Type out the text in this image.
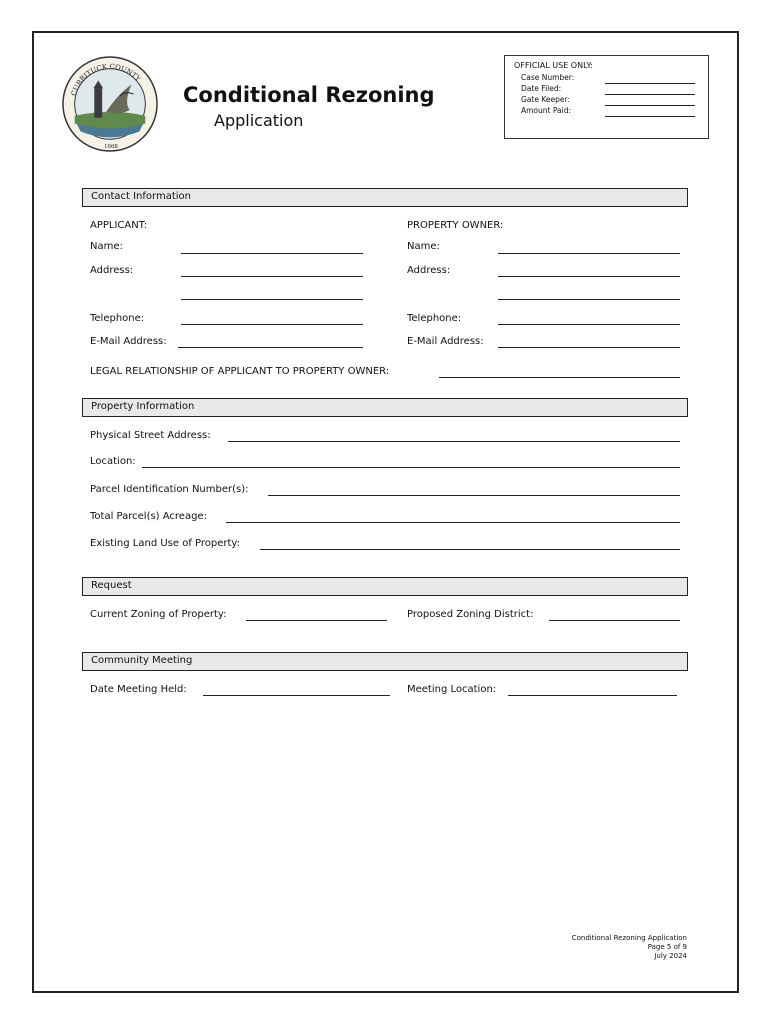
CURRITUCK COUNTY
1668
Conditional Rezoning
Application
OFFICIAL USE ONLY:
Case Number:
Date Filed:
Gate Keeper:
Amount Paid:
Contact Information
APPLICANT:	PROPERTY OWNER:
Name:	Name:
Address:	Address:
Telephone:	Telephone:
E-Mail Address:	E-Mail Address:
LEGAL RELATIONSHIP OF APPLICANT TO PROPERTY OWNER:
Property Information
Physical Street Address:
Location:
Parcel Identification Number(s):
Total Parcel(s) Acreage:
Existing Land Use of Property:
Request
Current Zoning of Property:	Proposed Zoning District:
Community Meeting
Date Meeting Held:	Meeting Location:
Conditional Rezoning Application
Page 5 of 9
July 2024
